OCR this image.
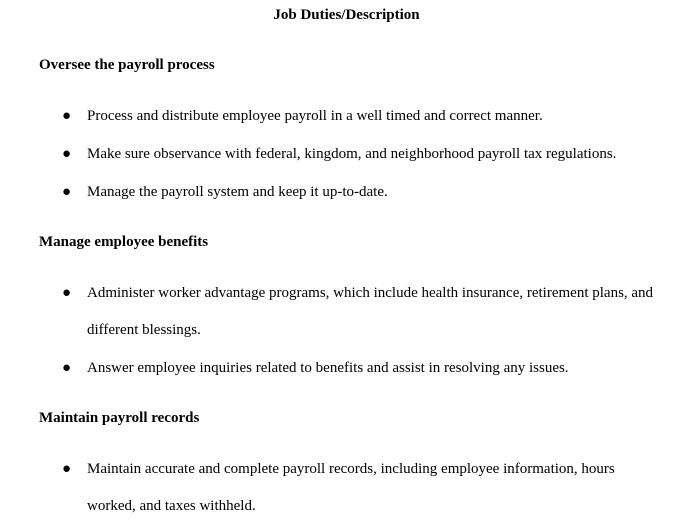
Job Duties/Description
Oversee the payroll process
● Process and distribute employee payroll in a well timed and correct manner.
● Make sure observance with federal, kingdom, and neighborhood payroll tax regulations.
● Manage the payroll system and keep it up-to-date.
Manage employee benefits
● Administer worker advantage programs, which include health insurance, retirement plans, and different blessings.
● Answer employee inquiries related to benefits and assist in resolving any issues.
Maintain payroll records
● Maintain accurate and complete payroll records, including employee information, hours worked, and taxes withheld.
